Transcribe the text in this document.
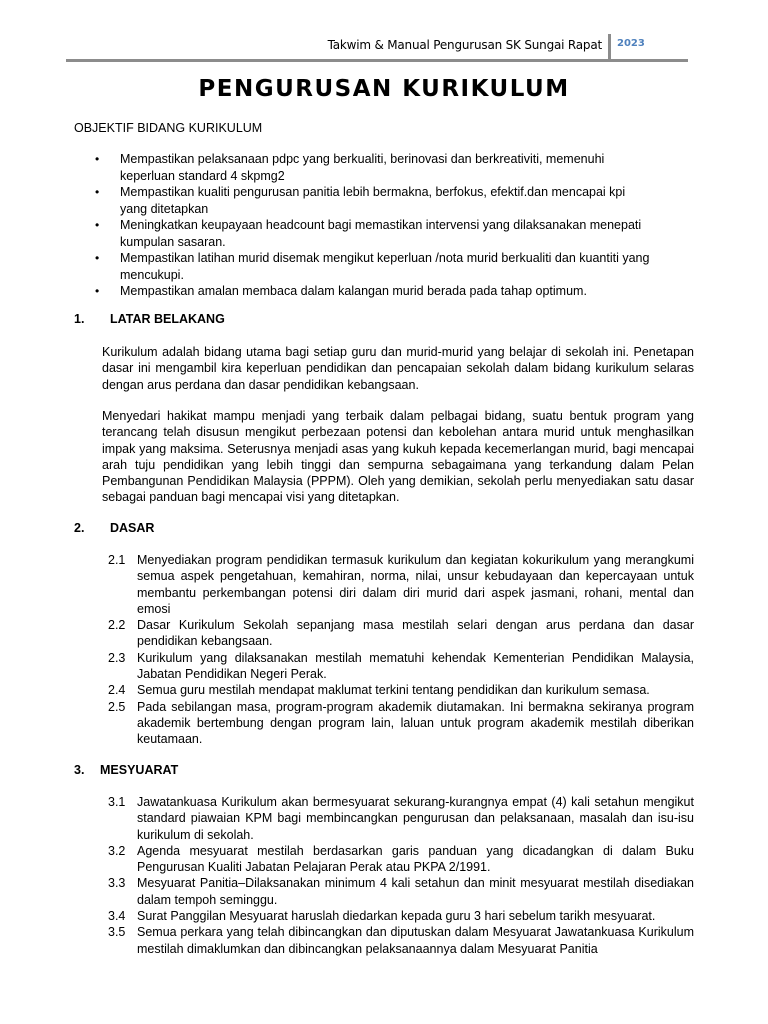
Takwim & Manual Pengurusan SK Sungai Rapat 2023
PENGURUSAN KURIKULUM
OBJEKTIF BIDANG KURIKULUM
• Mempastikan pelaksanaan pdpc yang berkualiti, berinovasi dan berkreativiti, memenuhi keperluan standard 4 skpmg2
• Mempastikan kualiti pengurusan panitia lebih bermakna, berfokus, efektif.dan mencapai kpi yang ditetapkan
• Meningkatkan keupayaan headcount bagi memastikan intervensi yang dilaksanakan menepati kumpulan sasaran.
• Mempastikan latihan murid disemak mengikut keperluan /nota murid berkualiti dan kuantiti yang mencukupi.
• Mempastikan amalan membaca dalam kalangan murid berada pada tahap optimum.
1. LATAR BELAKANG

Kurikulum adalah bidang utama bagi setiap guru dan murid-murid yang belajar di sekolah ini. Penetapan dasar ini mengambil kira keperluan pendidikan dan pencapaian sekolah dalam bidang kurikulum selaras dengan arus perdana dan dasar pendidikan kebangsaan.

Menyedari hakikat mampu menjadi yang terbaik dalam pelbagai bidang, suatu bentuk program yang terancang telah disusun mengikut perbezaan potensi dan kebolehan antara murid untuk menghasilkan impak yang maksima. Seterusnya menjadi asas yang kukuh kepada kecemerlangan murid, bagi mencapai arah tuju pendidikan yang lebih tinggi dan sempurna sebagaimana yang terkandung dalam Pelan Pembangunan Pendidikan Malaysia (PPPM). Oleh yang demikian, sekolah perlu menyediakan satu dasar sebagai panduan bagi mencapai visi yang ditetapkan.

2. DASAR
2.1 Menyediakan program pendidikan termasuk kurikulum dan kegiatan kokurikulum yang merangkumi semua aspek pengetahuan, kemahiran, norma, nilai, unsur kebudayaan dan kepercayaan untuk membantu perkembangan potensi diri dalam diri murid dari aspek jasmani, rohani, mental dan emosi
2.2 Dasar Kurikulum Sekolah sepanjang masa mestilah selari dengan arus perdana dan dasar pendidikan kebangsaan.
2.3 Kurikulum yang dilaksanakan mestilah mematuhi kehendak Kementerian Pendidikan Malaysia, Jabatan Pendidikan Negeri Perak.
2.4 Semua guru mestilah mendapat maklumat terkini tentang pendidikan dan kurikulum semasa.
2.5 Pada sebilangan masa, program-program akademik diutamakan. Ini bermakna sekiranya program akademik bertembung dengan program lain, laluan untuk program akademik mestilah diberikan keutamaan.
3. MESYUARAT
3.1 Jawatankuasa Kurikulum akan bermesyuarat sekurang-kurangnya empat (4) kali setahun mengikut standard piawaian KPM bagi membincangkan pengurusan dan pelaksanaan, masalah dan isu-isu kurikulum di sekolah.
3.2 Agenda mesyuarat mestilah berdasarkan garis panduan yang dicadangkan di dalam Buku Pengurusan Kualiti Jabatan Pelajaran Perak atau PKPA 2/1991.
3.3 Mesyuarat Panitia–Dilaksanakan minimum 4 kali setahun dan minit mesyuarat mestilah disediakan dalam tempoh seminggu.
3.4 Surat Panggilan Mesyuarat haruslah diedarkan kepada guru 3 hari sebelum tarikh mesyuarat.
3.5 Semua perkara yang telah dibincangkan dan diputuskan dalam Mesyuarat Jawatankuasa Kurikulum mestilah dimaklumkan dan dibincangkan pelaksanaannya dalam Mesyuarat Panitia
